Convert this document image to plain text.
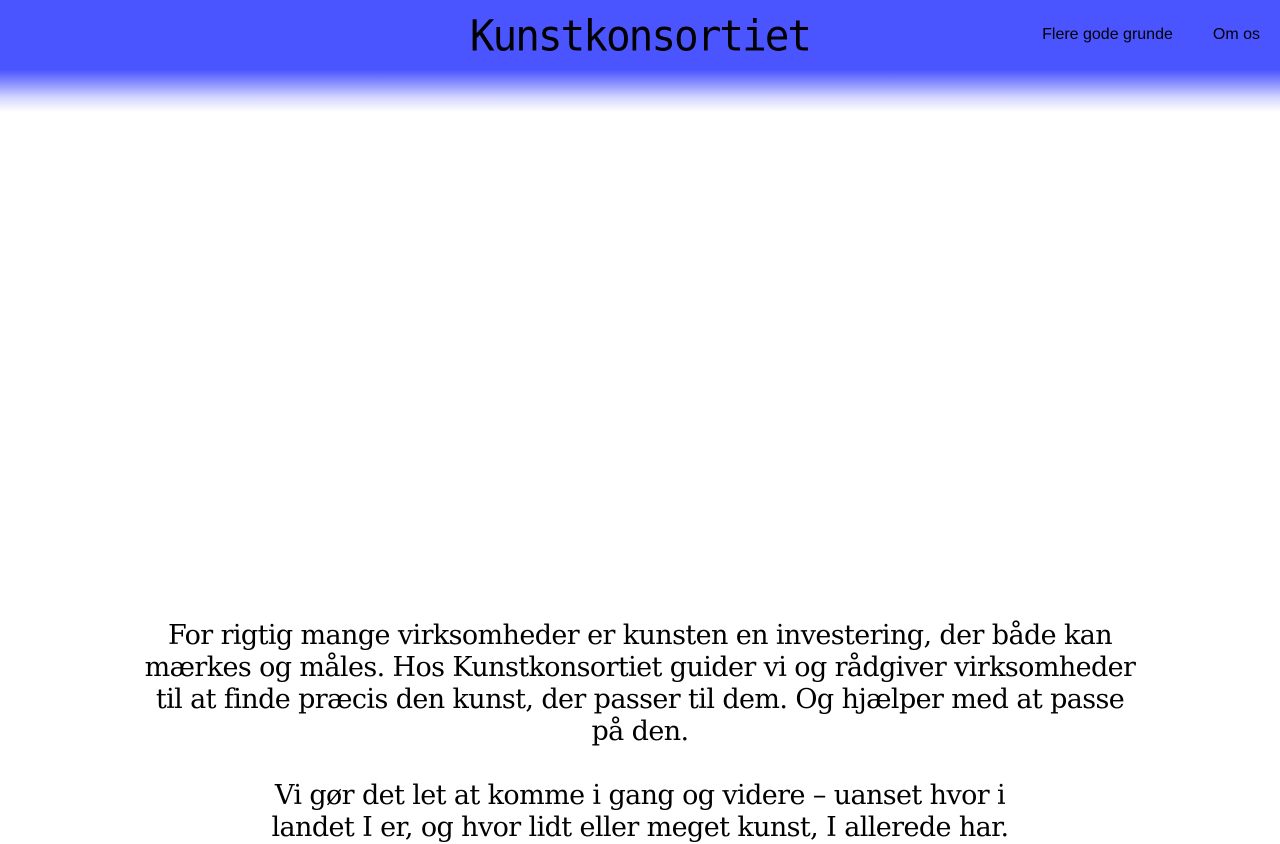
Kunstkonsortiet	Flere gode grunde	Om os

For rigtig mange virksomheder er kunsten en investering, der både kan mærkes og måles. Hos Kunstkonsortiet guider vi og rådgiver virksomheder til at finde præcis den kunst, der passer til dem. Og hjælper med at passe på den.

Vi gør det let at komme i gang og videre – uanset hvor i landet I er, og hvor lidt eller meget kunst, I allerede har.
